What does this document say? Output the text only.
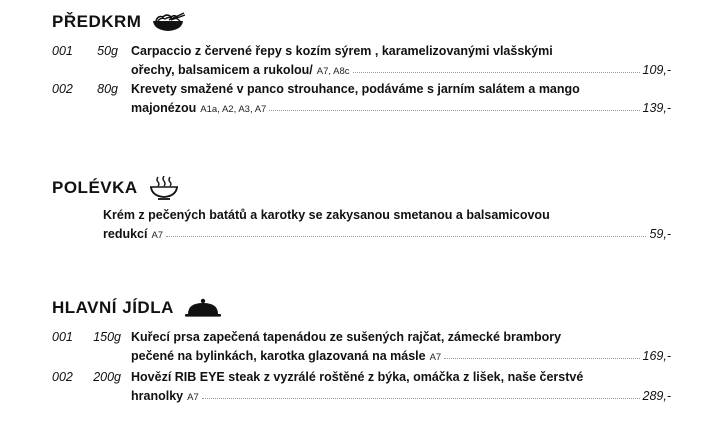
PŘEDKRM
001	50g Carpaccio z červené řepy s kozím sýrem , karamelizovanými vlašskými
ořechy, balsamicem a rukolou/ A7, A8c	109,-
002	80g Krevety smažené v panco strouhance, podáváme s jarním salátem a mango
majonézou A1a, A2, A3, A7	139,-
POLÉVKA
Krém z pečených batátů a karotky se zakysanou smetanou a balsamicovou
redukcí A7	59,-
HLAVNÍ JÍDLA
001	150g Kuřecí prsa zapečená tapenádou ze sušených rajčat, zámecké brambory
pečené na bylinkách, karotka glazovaná na másle A7	169,-
002	200g Hovězí RIB EYE steak z vyzrálé roštěné z býka, omáčka z lišek, naše čerstvé
hranolky A7	289,-
